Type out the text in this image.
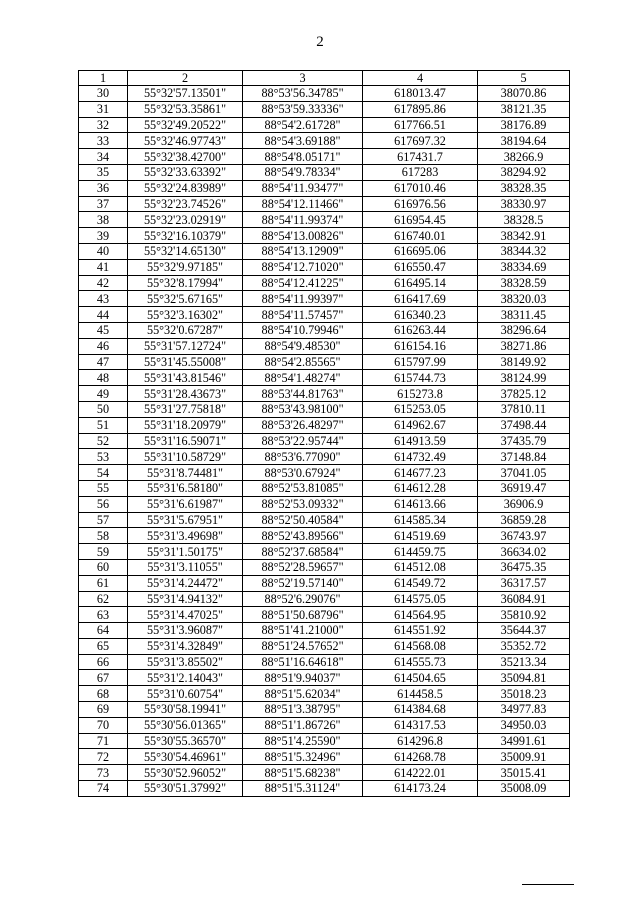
2
1	2	3	4	5
30	55°32'57.13501"	88°53'56.34785"	618013.47	38070.86
31	55°32'53.35861"	88°53'59.33336"	617895.86	38121.35
32	55°32'49.20522"	88°54'2.61728"	617766.51	38176.89
33	55°32'46.97743"	88°54'3.69188"	617697.32	38194.64
34	55°32'38.42700"	88°54'8.05171"	617431.7	38266.9
35	55°32'33.63392"	88°54'9.78334"	617283	38294.92
36	55°32'24.83989"	88°54'11.93477"	617010.46	38328.35
37	55°32'23.74526"	88°54'12.11466"	616976.56	38330.97
38	55°32'23.02919"	88°54'11.99374"	616954.45	38328.5
39	55°32'16.10379"	88°54'13.00826"	616740.01	38342.91
40	55°32'14.65130"	88°54'13.12909"	616695.06	38344.32
41	55°32'9.97185"	88°54'12.71020"	616550.47	38334.69
42	55°32'8.17994"	88°54'12.41225"	616495.14	38328.59
43	55°32'5.67165"	88°54'11.99397"	616417.69	38320.03
44	55°32'3.16302"	88°54'11.57457"	616340.23	38311.45
45	55°32'0.67287"	88°54'10.79946"	616263.44	38296.64
46	55°31'57.12724"	88°54'9.48530"	616154.16	38271.86
47	55°31'45.55008"	88°54'2.85565"	615797.99	38149.92
48	55°31'43.81546"	88°54'1.48274"	615744.73	38124.99
49	55°31'28.43673"	88°53'44.81763"	615273.8	37825.12
50	55°31'27.75818"	88°53'43.98100"	615253.05	37810.11
51	55°31'18.20979"	88°53'26.48297"	614962.67	37498.44
52	55°31'16.59071"	88°53'22.95744"	614913.59	37435.79
53	55°31'10.58729"	88°53'6.77090"	614732.49	37148.84
54	55°31'8.74481"	88°53'0.67924"	614677.23	37041.05
55	55°31'6.58180"	88°52'53.81085"	614612.28	36919.47
56	55°31'6.61987"	88°52'53.09332"	614613.66	36906.9
57	55°31'5.67951"	88°52'50.40584"	614585.34	36859.28
58	55°31'3.49698"	88°52'43.89566"	614519.69	36743.97
59	55°31'1.50175"	88°52'37.68584"	614459.75	36634.02
60	55°31'3.11055"	88°52'28.59657"	614512.08	36475.35
61	55°31'4.24472"	88°52'19.57140"	614549.72	36317.57
62	55°31'4.94132"	88°52'6.29076"	614575.05	36084.91
63	55°31'4.47025"	88°51'50.68796"	614564.95	35810.92
64	55°31'3.96087"	88°51'41.21000"	614551.92	35644.37
65	55°31'4.32849"	88°51'24.57652"	614568.08	35352.72
66	55°31'3.85502"	88°51'16.64618"	614555.73	35213.34
67	55°31'2.14043"	88°51'9.94037"	614504.65	35094.81
68	55°31'0.60754"	88°51'5.62034"	614458.5	35018.23
69	55°30'58.19941"	88°51'3.38795"	614384.68	34977.83
70	55°30'56.01365"	88°51'1.86726"	614317.53	34950.03
71	55°30'55.36570"	88°51'4.25590"	614296.8	34991.61
72	55°30'54.46961"	88°51'5.32496"	614268.78	35009.91
73	55°30'52.96052"	88°51'5.68238"	614222.01	35015.41
74	55°30'51.37992"	88°51'5.31124"	614173.24	35008.09
